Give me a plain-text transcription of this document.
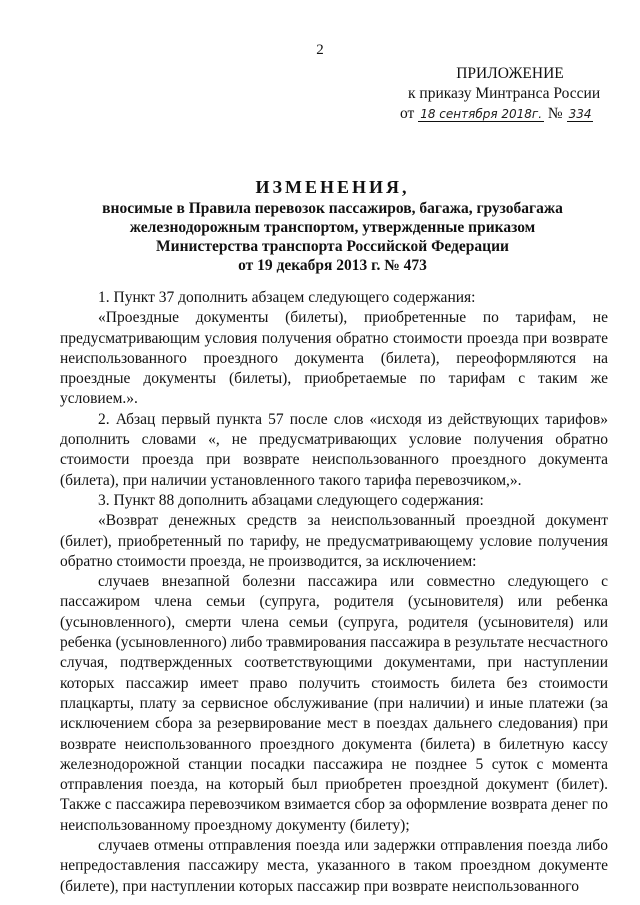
2
ПРИЛОЖЕНИЕ
к приказу Минтранса России
от 18 сентября 2018г. № 334
ИЗМЕНЕНИЯ,
вносимые в Правила перевозок пассажиров, багажа, грузобагажа
железнодорожным транспортом, утвержденные приказом
Министерства транспорта Российской Федерации
от 19 декабря 2013 г. № 473

1. Пункт 37 дополнить абзацем следующего содержания:

«Проездные документы (билеты), приобретенные по тарифам, не предусматривающим условия получения обратно стоимости проезда при возврате неиспользованного проездного документа (билета), переоформляются на проездные документы (билеты), приобретаемые по тарифам с таким же условием.».

2. Абзац первый пункта 57 после слов «исходя из действующих тарифов» дополнить словами «, не предусматривающих условие получения обратно стоимости проезда при возврате неиспользованного проездного документа (билета), при наличии установленного такого тарифа перевозчиком,».

3. Пункт 88 дополнить абзацами следующего содержания:

«Возврат денежных средств за неиспользованный проездной документ (билет), приобретенный по тарифу, не предусматривающему условие получения обратно стоимости проезда, не производится, за исключением:

случаев внезапной болезни пассажира или совместно следующего с пассажиром члена семьи (супруга, родителя (усыновителя) или ребенка (усыновленного), смерти члена семьи (супруга, родителя (усыновителя) или ребенка (усыновленного) либо травмирования пассажира в результате несчастного случая, подтвержденных соответствующими документами, при наступлении которых пассажир имеет право получить стоимость билета без стоимости плацкарты, плату за сервисное обслуживание (при наличии) и иные платежи (за исключением сбора за резервирование мест в поездах дальнего следования) при возврате неиспользованного проездного документа (билета) в билетную кассу железнодорожной станции посадки пассажира не позднее 5 суток с момента отправления поезда, на который был приобретен проездной документ (билет). Также с пассажира перевозчиком взимается сбор за оформление возврата денег по неиспользованному проездному документу (билету);

случаев отмены отправления поезда или задержки отправления поезда либо непредоставления пассажиру места, указанного в таком проездном документе (билете), при наступлении которых пассажир при возврате неиспользованного
